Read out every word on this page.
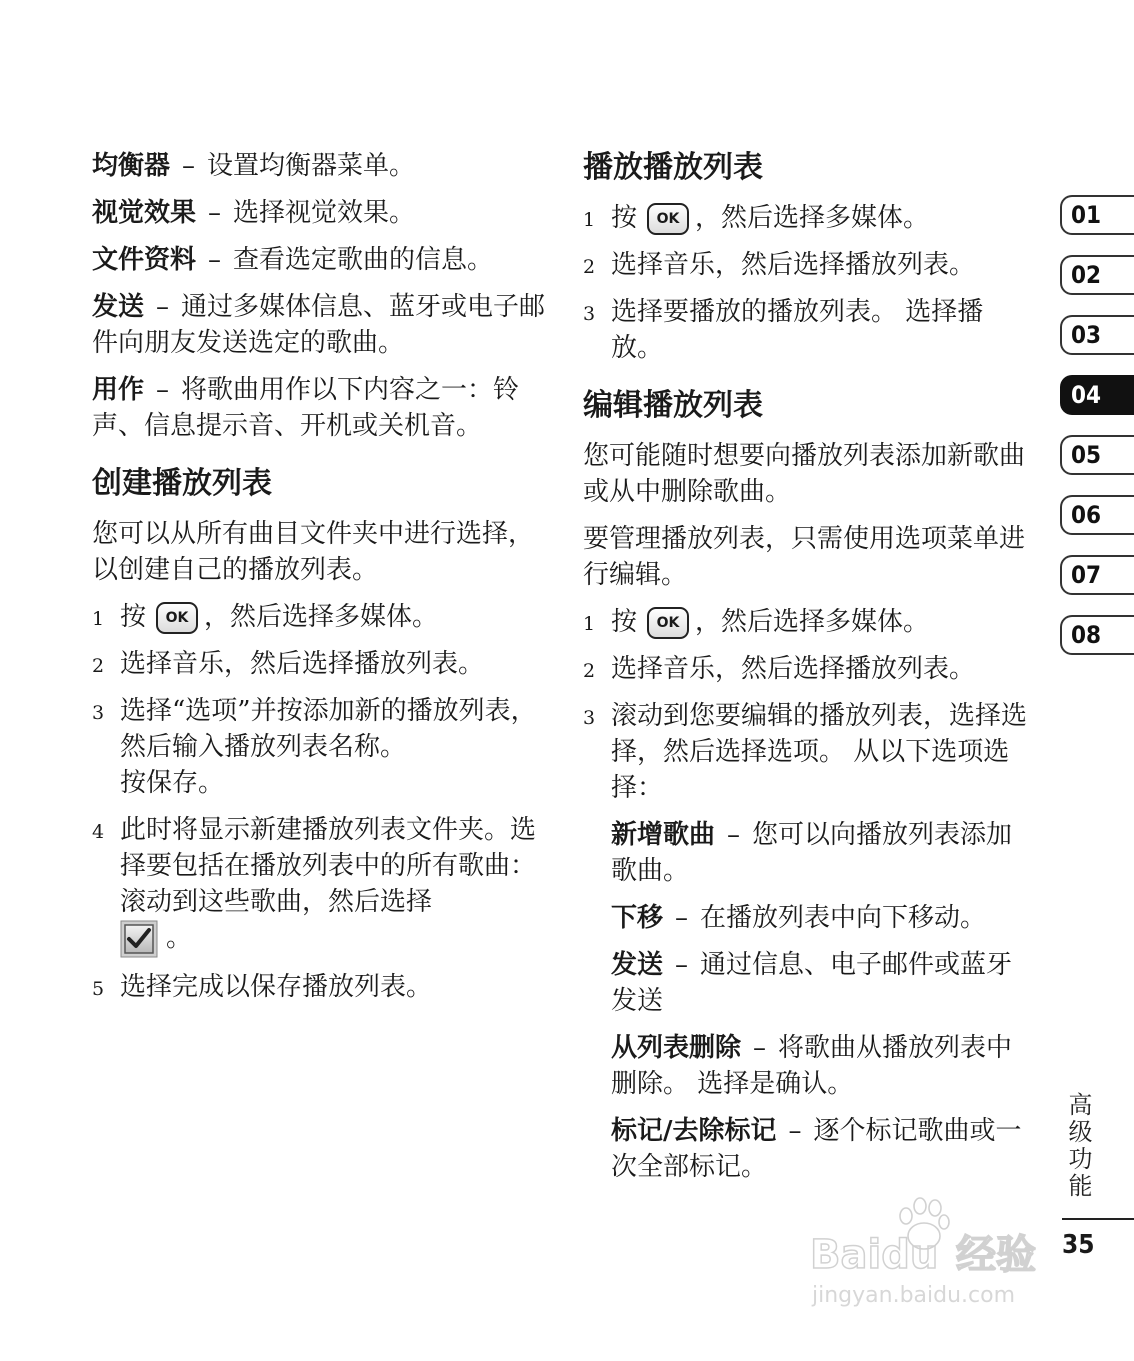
均衡器 – 设置均衡器菜单。

视觉效果 – 选择视觉效果。

文件资料 – 查看选定歌曲的信息。

发送 – 通过多媒体信息、蓝牙或电子邮件向朋友发送选定的歌曲。

用作 – 将歌曲用作以下内容之一：铃声、信息提示音、开机或关机音。

创建播放列表

您可以从所有曲目文件夹中进行选择，以创建自己的播放列表。

1 按 OK ，然后选择多媒体。
2 选择音乐，然后选择播放列表。
3 选择“选项”并按添加新的播放列表，然后输入播放列表名称。
按保存。
4 此时将显示新建播放列表文件夹。选择要包括在播放列表中的所有歌曲：滚动到这些歌曲，然后选择
。
5 选择完成以保存播放列表。
播放播放列表
1 按 OK ，然后选择多媒体。
2 选择音乐，然后选择播放列表。
3 选择要播放的播放列表。 选择播放。
编辑播放列表

您可能随时想要向播放列表添加新歌曲或从中删除歌曲。

要管理播放列表，只需使用选项菜单进行编辑。

1 按 OK ，然后选择多媒体。
2 选择音乐，然后选择播放列表。
3 滚动到您要编辑的播放列表，选择选择，然后选择选项。 从以下选项选择：

新增歌曲 – 您可以向播放列表添加歌曲。

下移 – 在播放列表中向下移动。

发送 – 通过信息、电子邮件或蓝牙发送

从列表删除 – 将歌曲从播放列表中删除。 选择是确认。

标记/去除标记 – 逐个标记歌曲或一次全部标记。

01
02
03
04
05
06
07
08
高级功能
35
Baidu 经验
jingyan.baidu.com
